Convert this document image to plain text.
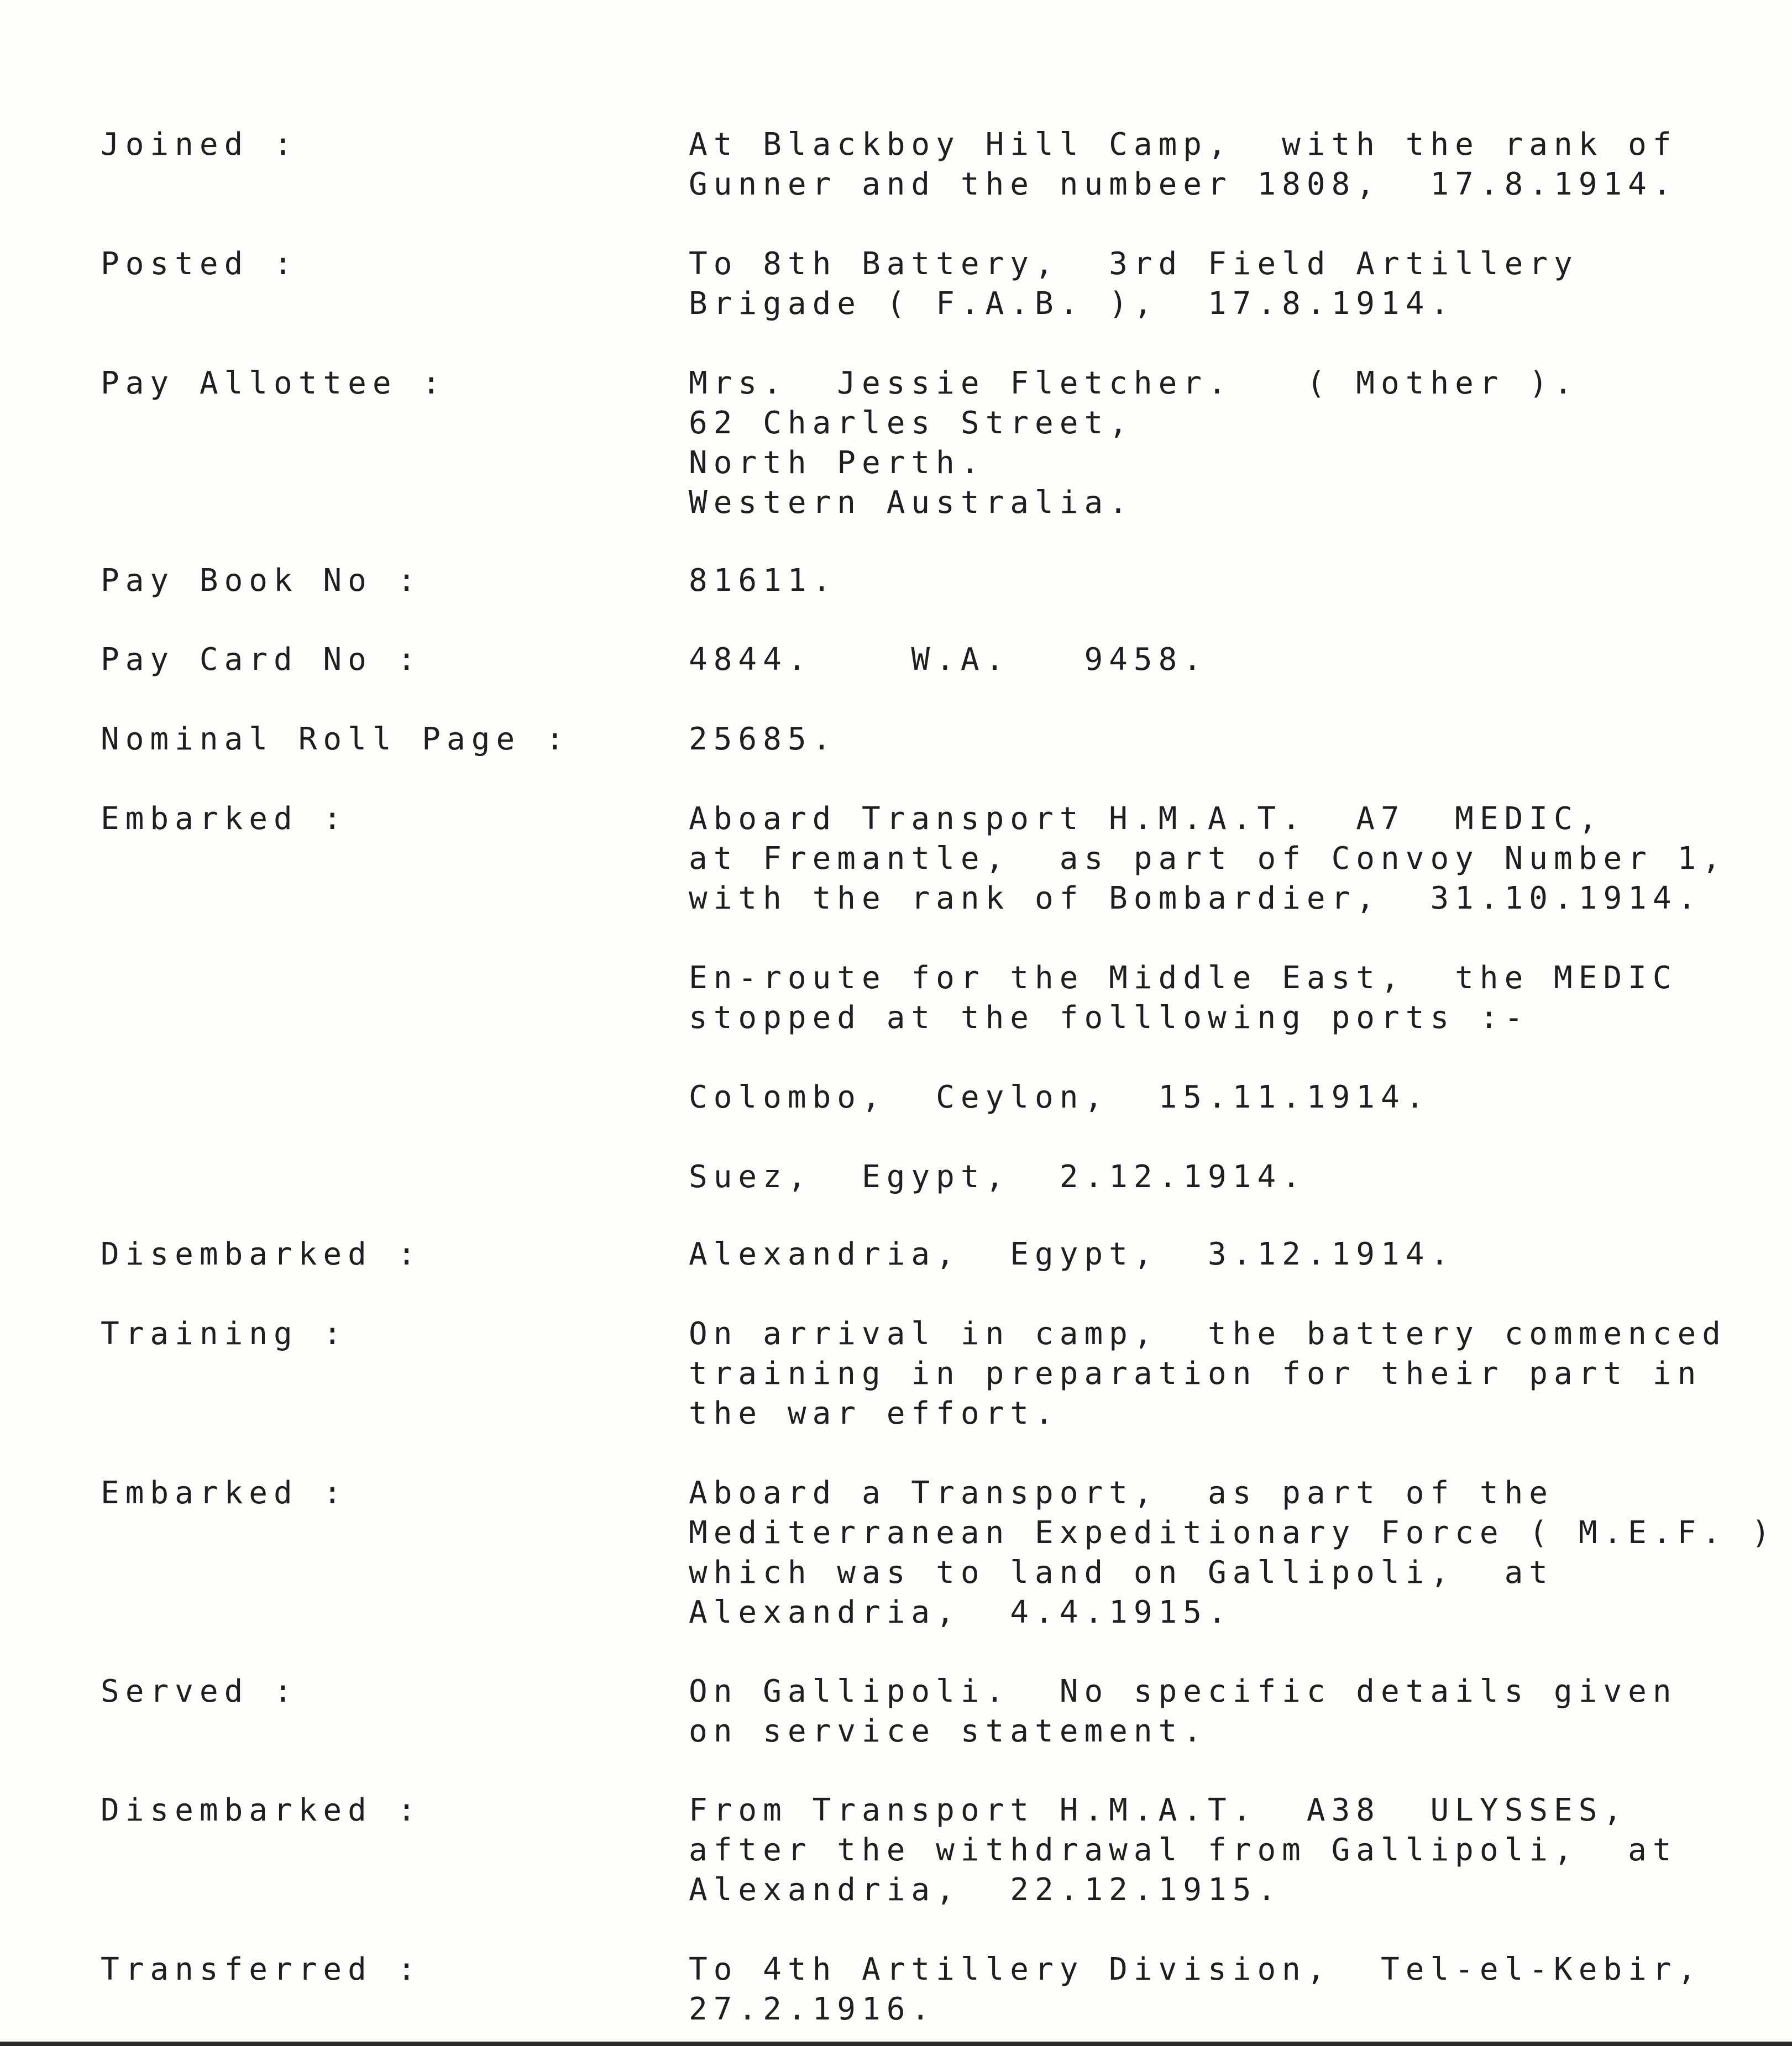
Joined :	At Blackboy Hill Camp,  with the rank of
Gunner and the numbeer 1808,  17.8.1914.
Posted :	To 8th Battery,  3rd Field Artillery
Brigade ( F.A.B. ),  17.8.1914.
Pay Allottee :	Mrs.  Jessie Fletcher.   ( Mother ).
62 Charles Street,
North Perth.
Western Australia.
Pay Book No :	81611.
Pay Card No :	4844.    W.A.   9458.
Nominal Roll Page :	25685.
Embarked :	Aboard Transport H.M.A.T.  A7  MEDIC,
at Fremantle,  as part of Convoy Number 1,
with the rank of Bombardier,  31.10.1914.
En-route for the Middle East,  the MEDIC
stopped at the folllowing ports :-
Colombo,  Ceylon,  15.11.1914.
Suez,  Egypt,  2.12.1914.
Disembarked :	Alexandria,  Egypt,  3.12.1914.
Training :	On arrival in camp,  the battery commenced
training in preparation for their part in
the war effort.
Embarked :	Aboard a Transport,  as part of the
Mediterranean Expeditionary Force ( M.E.F. )
which was to land on Gallipoli,  at
Alexandria,  4.4.1915.
Served :	On Gallipoli.  No specific details given
on service statement.
Disembarked :	From Transport H.M.A.T.  A38  ULYSSES,
after the withdrawal from Gallipoli,  at
Alexandria,  22.12.1915.
Transferred :	To 4th Artillery Division,  Tel-el-Kebir,
27.2.1916.
